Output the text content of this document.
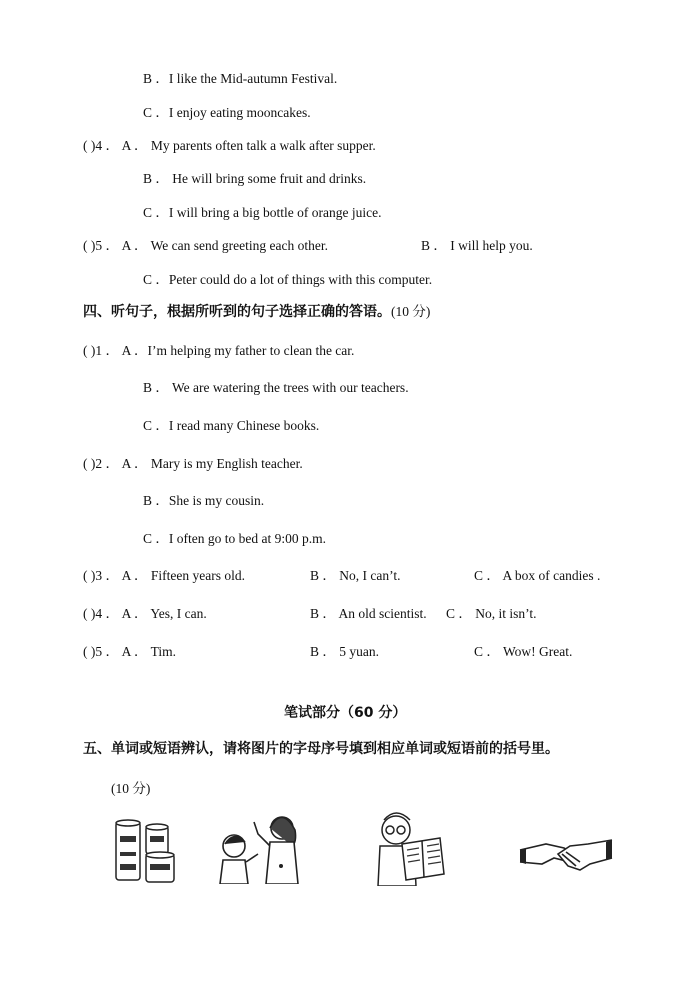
B ．I like the Mid-autumn Festival.
C ．I enjoy eating mooncakes.
( )4 ． A ． My parents often talk a walk after supper.
B ． He will bring some fruit and drinks.
C ．I will bring a big bottle of orange juice.
( )5 ． A ． We can send greeting each other.	B ． I will help you.
C ．Peter could do a lot of things with this computer.
四、听句子，根据所听到的句子选择正确的答语。(10 分)
( )1 ． A ．I’m helping my father to clean the car.
B ． We are watering the trees with our teachers.
C ．I read many Chinese books.
( )2 ． A ． Mary is my English teacher.
B ．She is my cousin.
C ．I often go to bed at 9:00 p.m.
( )3 ． A ． Fifteen years old.	B ． No, I can’t.	C ． A box of candies .
( )4 ． A ． Yes, I can.	B ． An old scientist. C ． No, it isn’t.
( )5 ． A ． Tim.	B ． 5 yuan.	C ． Wow! Great.
笔试部分（60 分）
五、单词或短语辨认，请将图片的字母序号填到相应单词或短语前的括号里。
(10 分)
